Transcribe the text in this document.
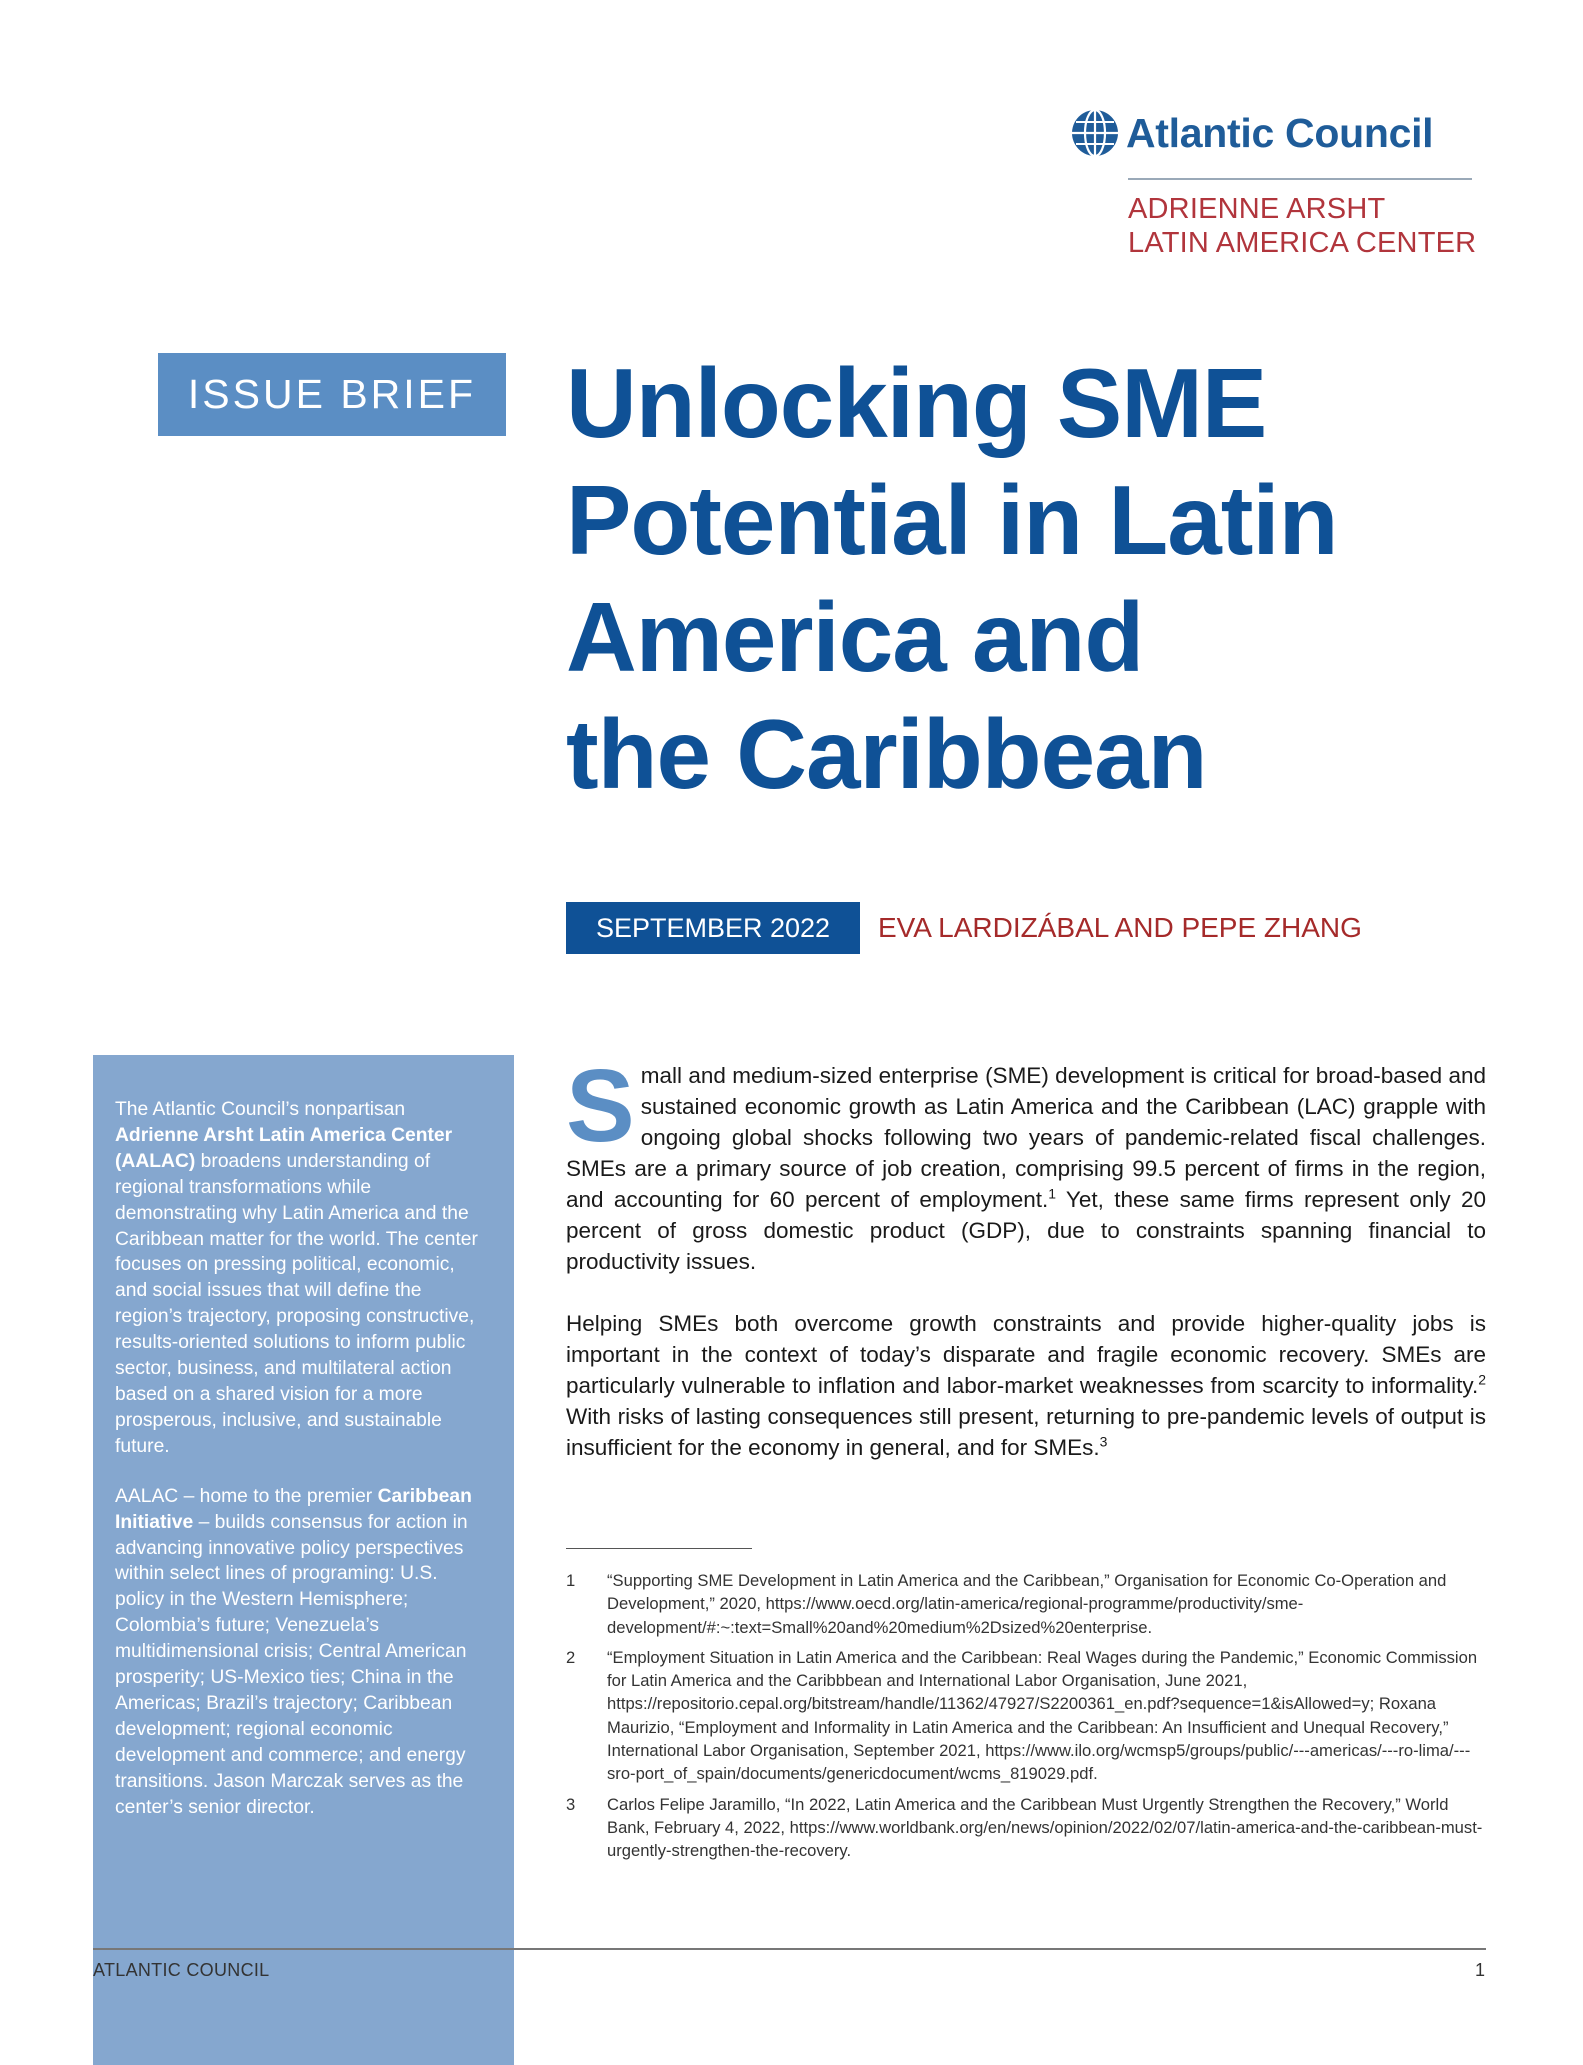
Atlantic Council
ADRIENNE ARSHT
LATIN AMERICA CENTER
ISSUE BRIEF Unlocking SME
Potential in Latin
America and
the Caribbean
SEPTEMBER 2022	EVA LARDIZÁBAL AND PEPE ZHANG

The Atlantic Council’s nonpartisan Adrienne Arsht Latin America Center (AALAC) broadens understanding of regional transformations while demonstrating why Latin America and the Caribbean matter for the world. The center focuses on pressing political, economic, and social issues that will define the region’s trajectory, proposing constructive, results-oriented solutions to inform public sector, business, and multilateral action based on a shared vision for a more prosperous, inclusive, and sustainable future.

AALAC – home to the premier Caribbean Initiative – builds consensus for action in advancing innovative policy perspectives within select lines of programing: U.S. policy in the Western Hemisphere; Colombia’s future; Venezuela’s multidimensional crisis; Central American prosperity; US-Mexico ties; China in the Americas; Brazil’s trajectory; Caribbean development; regional economic development and commerce; and energy transitions. Jason Marczak serves as the center’s senior director.

Small and medium-sized enterprise (SME) development is critical for broad-based and sustained economic growth as Latin America and the Caribbean (LAC) grapple with ongoing global shocks following two years of pandemic-related fiscal challenges. SMEs are a primary source of job creation, comprising 99.5 percent of firms in the region, and accounting for 60 percent of employment.$^1$ Yet, these same firms represent only 20 percent of gross domestic product (GDP), due to constraints spanning financial to productivity issues.

Helping SMEs both overcome growth constraints and provide higher-quality jobs is important in the context of today’s disparate and fragile economic recovery. SMEs are particularly vulnerable to inflation and labor-market weaknesses from scarcity to informality.$^2$ With risks of lasting consequences still present, returning to pre-pandemic levels of output is insufficient for the economy in general, and for SMEs.$^3$

1	“Supporting SME Development in Latin America and the Caribbean,” Organisation for Economic Co-Operation and Development,” 2020, https://www.oecd.org/latin-america/regional-programme/productivity/sme-development/#:~:text=Small%20and%20medium%2Dsized%20enterprise.
2	“Employment Situation in Latin America and the Caribbean: Real Wages during the Pandemic,” Economic Commission for Latin America and the Caribbbean and International Labor Organisation, June 2021, https://repositorio.cepal.org/bitstream/handle/11362/47927/S2200361_en.pdf?sequence=1&isAllowed=y; Roxana Maurizio, “Employment and Informality in Latin America and the Caribbean: An Insufficient and Unequal Recovery,” International Labor Organisation, September 2021, https://www.ilo.org/wcmsp5/groups/public/---americas/---ro-lima/---sro-port_of_spain/documents/genericdocument/wcms_819029.pdf.
3	Carlos Felipe Jaramillo, “In 2022, Latin America and the Caribbean Must Urgently Strengthen the Recovery,” World Bank, February 4, 2022, https://www.worldbank.org/en/news/opinion/2022/02/07/latin-america-and-the-caribbean-must-urgently-strengthen-the-recovery.
ATLANTIC COUNCIL	1
